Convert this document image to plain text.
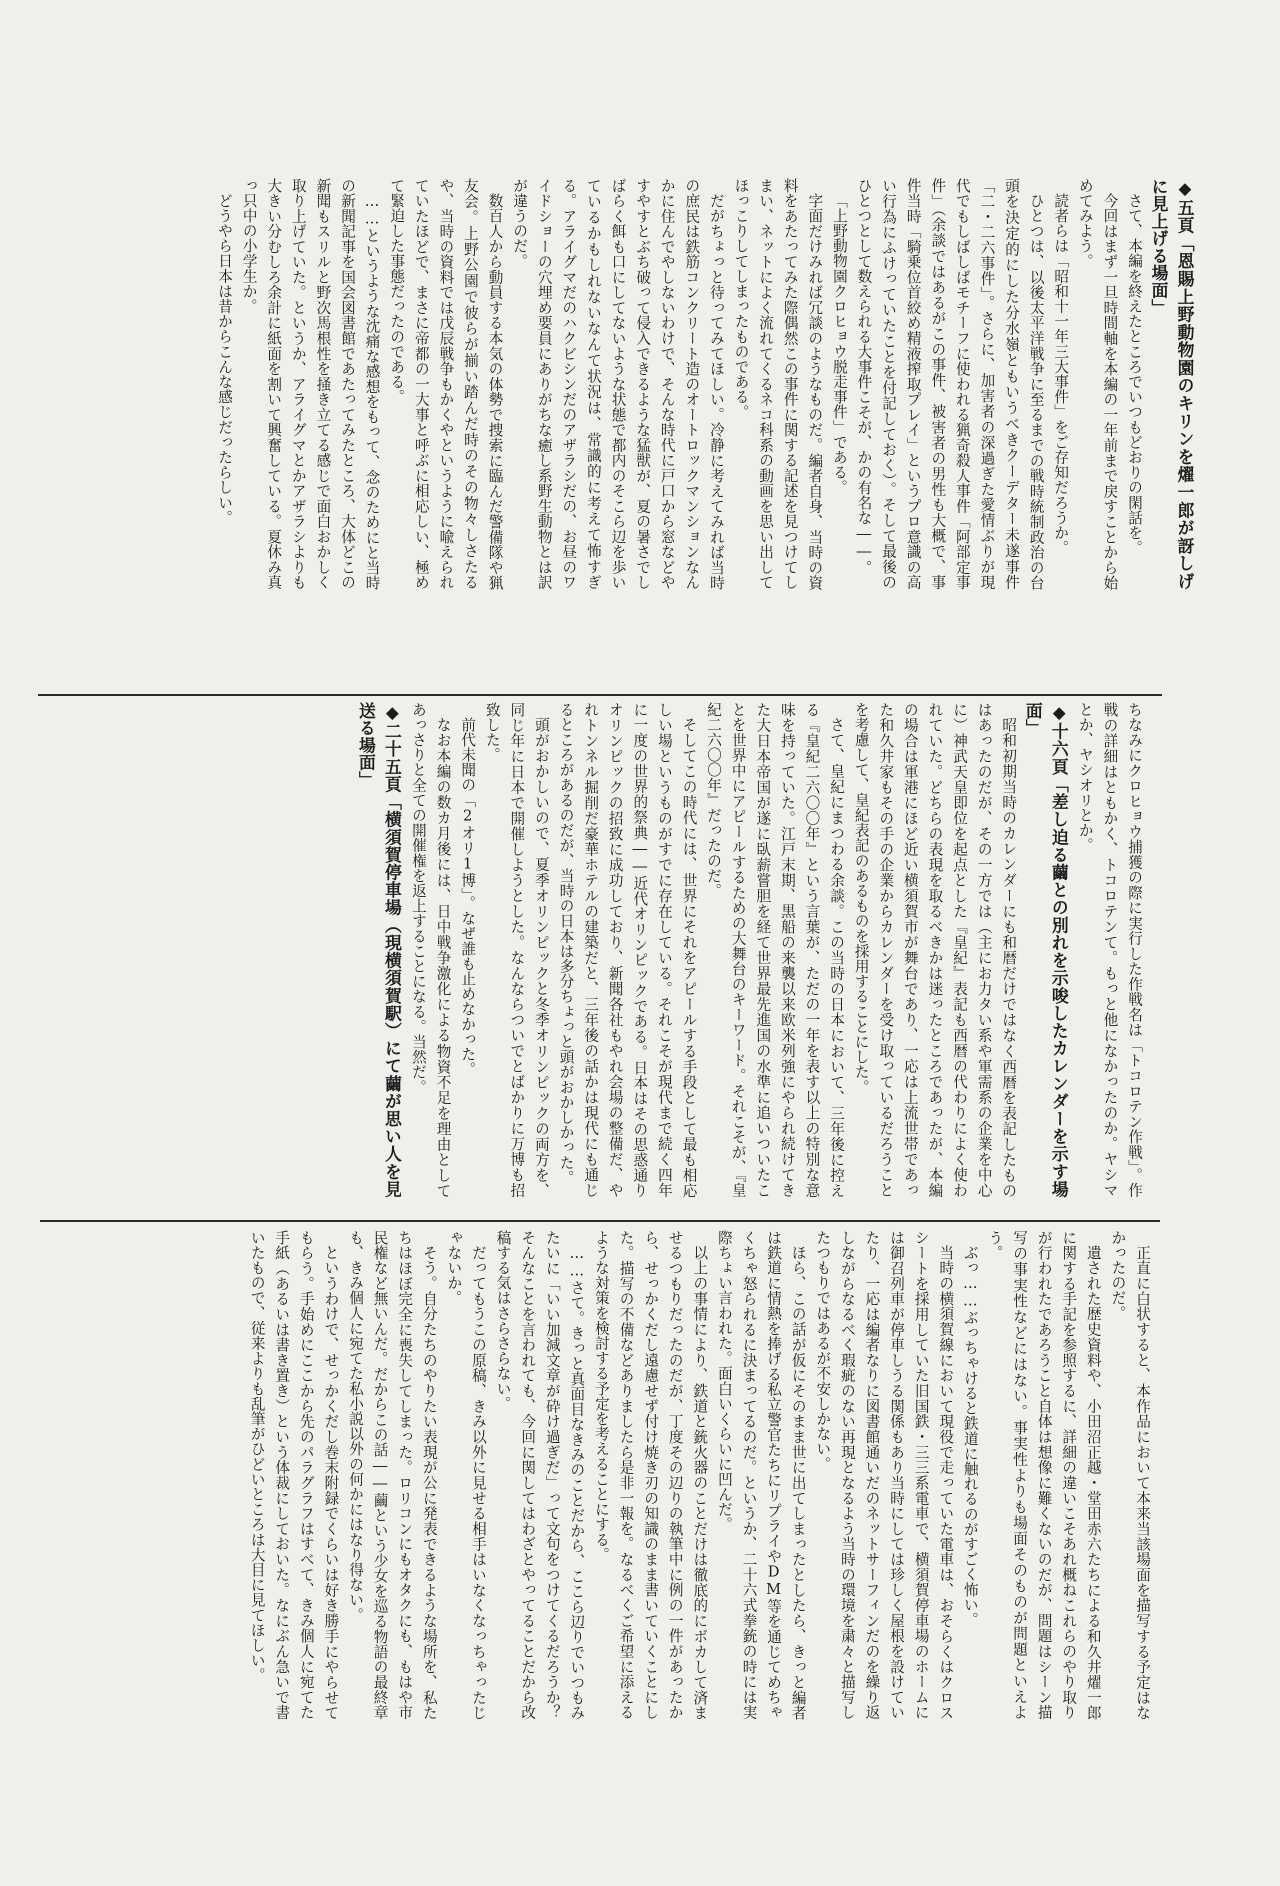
◆五頁「恩賜上野動物園のキリンを燿一郎が訝しげに見上げる場面」

さて、本編を終えたところでいつもどおりの閑話を。

今回はまず一旦時間軸を本編の一年前まで戻すことから始めてみよう。

読者らは「昭和十一年三大事件」をご存知だろうか。

ひとつは、以後太平洋戦争に至るまでの戦時統制政治の台頭を決定的にした分水嶺ともいうべきクーデター未遂事件「二・二六事件」。さらに、加害者の深過ぎた愛情ぶりが現代でもしばしばモチーフに使われる猟奇殺人事件「阿部定事件」（余談ではあるがこの事件、被害者の男性も大概で、事件当時「騎乗位首絞め精液搾取プレイ」というプロ意識の高い行為にふけっていたことを付記しておく）。そして最後のひとつとして数えられる大事件こそが、かの有名な――。

「上野動物園クロヒョウ脱走事件」である。

字面だけみれば冗談のようなものだ。編者自身、当時の資料をあたってみた際偶然この事件に関する記述を見つけてしまい、ネットによく流れてくるネコ科系の動画を思い出してほっこりしてしまったものである。

だがちょっと待ってみてほしい。冷静に考えてみれば当時の庶民は鉄筋コンクリート造のオートロックマンションなんかに住んでやしないわけで、そんな時代に戸口から窓などやすやすとぶち破って侵入できるような猛獣が、夏の暑さでしばらく餌も口にしてないような状態で都内のそこら辺を歩いているかもしれないなんて状況は、常識的に考えて怖すぎる。アライグマだのハクビシンだのアザラシだの、お昼のワイドショーの穴埋め要員にありがちな癒し系野生動物とは訳が違うのだ。

数百人から動員する本気の体勢で捜索に臨んだ警備隊や猟友会。上野公園で彼らが揃い踏んだ時のその物々しさたるや、当時の資料では戊辰戦争もかくやというように喩えられていたほどで、まさに帝都の一大事と呼ぶに相応しい、極めて緊迫した事態だったのである。

……というような沈痛な感想をもって、念のためにと当時の新聞記事を国会図書館であたってみたところ、大体どこの新聞もスリルと野次馬根性を掻き立てる感じで面白おかしく取り上げていた。というか、アライグマとかアザラシよりも大きい分むしろ余計に紙面を割いて興奮している。夏休み真っ只中の小学生か。

どうやら日本は昔からこんな感じだったらしい。

ちなみにクロヒョウ捕獲の際に実行した作戦名は「トコロテン作戦」。作戦の詳細はともかく、トコロテンて。もっと他になかったのか。ヤシマとか、ヤシオリとか。

◆十六頁「差し迫る繭との別れを示唆したカレンダーを示す場面」

昭和初期当時のカレンダーにも和暦だけではなく西暦を表記したものはあったのだが、その一方では（主にお力タい系や軍需系の企業を中心に）神武天皇即位を起点とした『皇紀』表記も西暦の代わりによく使われていた。どちらの表現を取るべきかは迷ったところであったが、本編の場合は軍港にほど近い横須賀市が舞台であり、一応は上流世帯であった和久井家もその手の企業からカレンダーを受け取っているだろうことを考慮して、皇紀表記のあるものを採用することにした。

さて、皇紀にまつわる余談。この当時の日本において、三年後に控える『皇紀二六〇〇年』という言葉が、ただの一年を表す以上の特別な意味を持っていた。江戸末期、黒船の来襲以来欧米列強にやられ続けてきた大日本帝国が遂に臥薪嘗胆を経て世界最先進国の水準に追いついたことを世界中にアピールするための大舞台のキーワード。それこそが、『皇紀二六〇〇年』だったのだ。

そしてこの時代には、世界にそれをアピールする手段として最も相応しい場というものがすでに存在している。それこそが現代まで続く四年に一度の世界的祭典――近代オリンピックである。日本はその思惑通りオリンピックの招致に成功しており、新聞各社もやれ会場の整備だ、やれトンネル掘削だ豪華ホテルの建築だと、三年後の話かは現代にも通じるところがあるのだが、当時の日本は多分ちょっと頭がおかしかった。

頭がおかしいので、夏季オリンピックと冬季オリンピックの両方を、同じ年に日本で開催しようとした。なんならついでとばかりに万博も招致した。

前代未聞の「2オリ1博」。なぜ誰も止めなかった。

なお本編の数カ月後には、日中戦争激化による物資不足を理由としてあっさりと全ての開催権を返上することになる。当然だ。

◆二十五頁「横須賀停車場（現横須賀駅）にて繭が思い人を見送る場面」

正直に白状すると、本作品において本来当該場面を描写する予定はなかったのだ。

遺された歴史資料や、小田沼正越・堂田赤六たちによる和久井燿一郎に関する手記を参照するに、詳細の違いこそあれ概ねこれらのやり取りが行われたであろうこと自体は想像に難くないのだが、問題はシーン描写の事実性などにはない。事実性よりも場面そのものが問題といえよう。

ぶっ……ぶっちゃけると鉄道に触れるのがすごく怖い。

当時の横須賀線において現役で走っていた電車は、おそらくはクロスシートを採用していた旧国鉄・三三系電車で、横須賀停車場のホームには御召列車が停車しうる関係もあり当時にしては珍しく屋根を設けていたり、一応は編者なりに図書館通いだのネットサーフィンだのを繰り返しながらなるべく瑕疵のない再現となるよう当時の環境を粛々と描写したつもりではあるが不安しかない。

ほら、この話が仮にそのまま世に出てしまったとしたら、きっと編者は鉄道に情熱を捧げる私立警官たちにリプライやDM等を通じてめちゃくちゃ怒られるに決まってるのだ。というか、二十六式拳銃の時には実際ちょい言われた。面白いくらいに凹んだ。

以上の事情により、鉄道と銃火器のことだけは徹底的にボカして済ませるつもりだったのだが、丁度その辺りの執筆中に例の一件があったから、せっかくだし遠慮せず付け焼き刃の知識のまま書いていくことにした。描写の不備などありましたら是非一報を。なるべくご希望に添えるような対策を検討する予定を考えることにする。

……さて。きっと真面目なきみのことだから、ここら辺りでいつもみたいに「いい加減文章が砕け過ぎだ」って文句をつけてくるだろうか？ そんなことを言われても、今回に関してはわざとやってることだから改稿する気はさらさらない。

だってもうこの原稿、きみ以外に見せる相手はいなくなっちゃったじゃないか。

そう。自分たちのやりたい表現が公に発表できるような場所を、私たちはほぼ完全に喪失してしまった。ロリコンにもオタクにも、もはや市民権など無いんだ。だからこの話――繭という少女を巡る物語の最終章も、きみ個人に宛てた私小説以外の何かにはなり得ない。

というわけで、せっかくだし巻末附録でくらいは好き勝手にやらせてもらう。手始めにここから先のパラグラフはすべて、きみ個人に宛てた手紙（あるいは書き置き）という体裁にしておいた。なにぶん急いで書いたもので、従来よりも乱筆がひどいところは大目に見てほしい。
